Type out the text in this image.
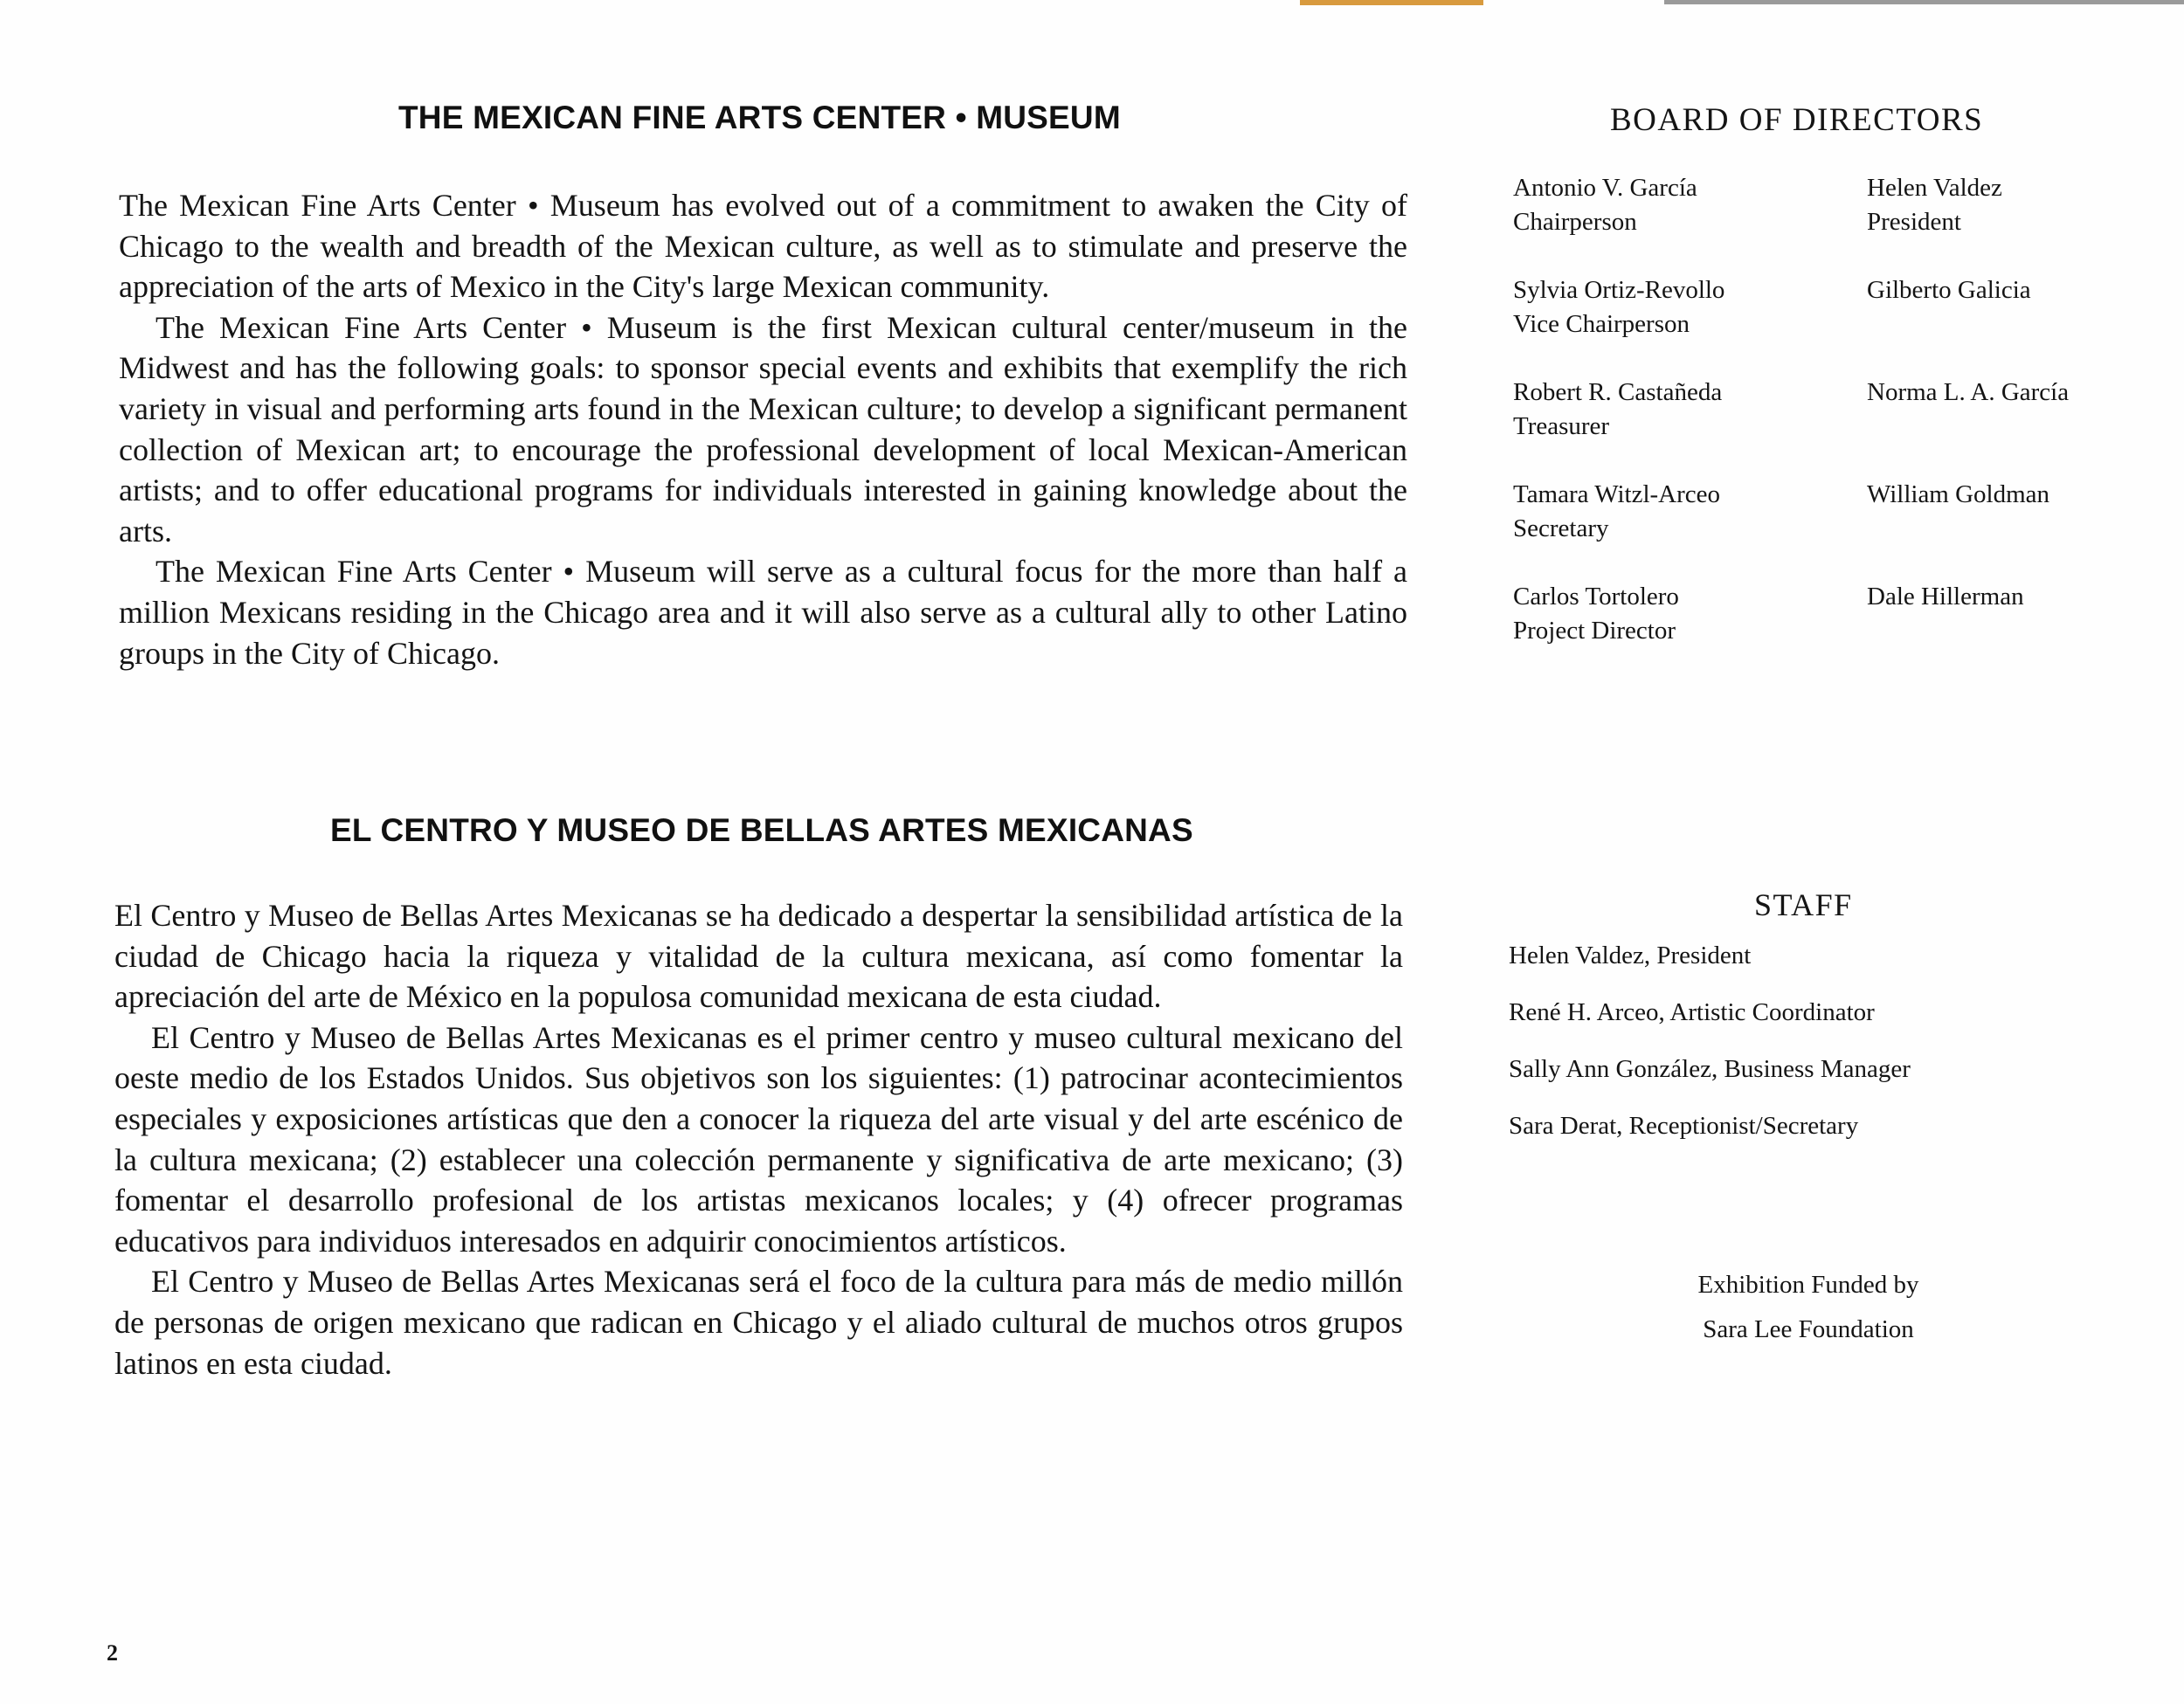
THE MEXICAN FINE ARTS CENTER • MUSEUM

The Mexican Fine Arts Center • Museum has evolved out of a commitment to awaken the City of Chicago to the wealth and breadth of the Mexican culture, as well as to stimulate and preserve the appreciation of the arts of Mexico in the City's large Mexican community.

The Mexican Fine Arts Center • Museum is the first Mexican cultural center/museum in the Midwest and has the following goals: to sponsor special events and exhibits that exemplify the rich variety in visual and performing arts found in the Mexican culture; to develop a significant permanent collection of Mexican art; to encourage the professional development of local Mexican-American artists; and to offer educational programs for individuals interested in gaining knowledge about the arts.

The Mexican Fine Arts Center • Museum will serve as a cultural focus for the more than half a million Mexicans residing in the Chicago area and it will also serve as a cultural ally to other Latino groups in the City of Chicago.

EL CENTRO Y MUSEO DE BELLAS ARTES MEXICANAS

El Centro y Museo de Bellas Artes Mexicanas se ha dedicado a despertar la sensibilidad artística de la ciudad de Chicago hacia la riqueza y vitalidad de la cultura mexicana, así como fomentar la apreciación del arte de México en la populosa comunidad mexicana de esta ciudad.

El Centro y Museo de Bellas Artes Mexicanas es el primer centro y museo cultural mexicano del oeste medio de los Estados Unidos. Sus objetivos son los siguientes: (1) patrocinar acontecimientos especiales y exposiciones artísticas que den a conocer la riqueza del arte visual y del arte escénico de la cultura mexicana; (2) establecer una colección permanente y significativa de arte mexicano; (3) fomentar el desarrollo profesional de los artistas mexicanos locales; y (4) ofrecer programas educativos para individuos interesados en adquirir conocimientos artísticos.

El Centro y Museo de Bellas Artes Mexicanas será el foco de la cultura para más de medio millón de personas de origen mexicano que radican en Chicago y el aliado cultural de muchos otros grupos latinos en esta ciudad.

BOARD OF DIRECTORS
Antonio V. García
Chairperson
Sylvia Ortiz-Revollo
Vice Chairperson
Robert R. Castañeda
Treasurer
Tamara Witzl-Arceo
Secretary
Carlos Tortolero
Project Director
Helen Valdez
President
Gilberto Galicia
Norma L. A. García
William Goldman
Dale Hillerman
STAFF
Helen Valdez, President
René H. Arceo, Artistic Coordinator
Sally Ann González, Business Manager
Sara Derat, Receptionist/Secretary
Exhibition Funded by
Sara Lee Foundation
2
